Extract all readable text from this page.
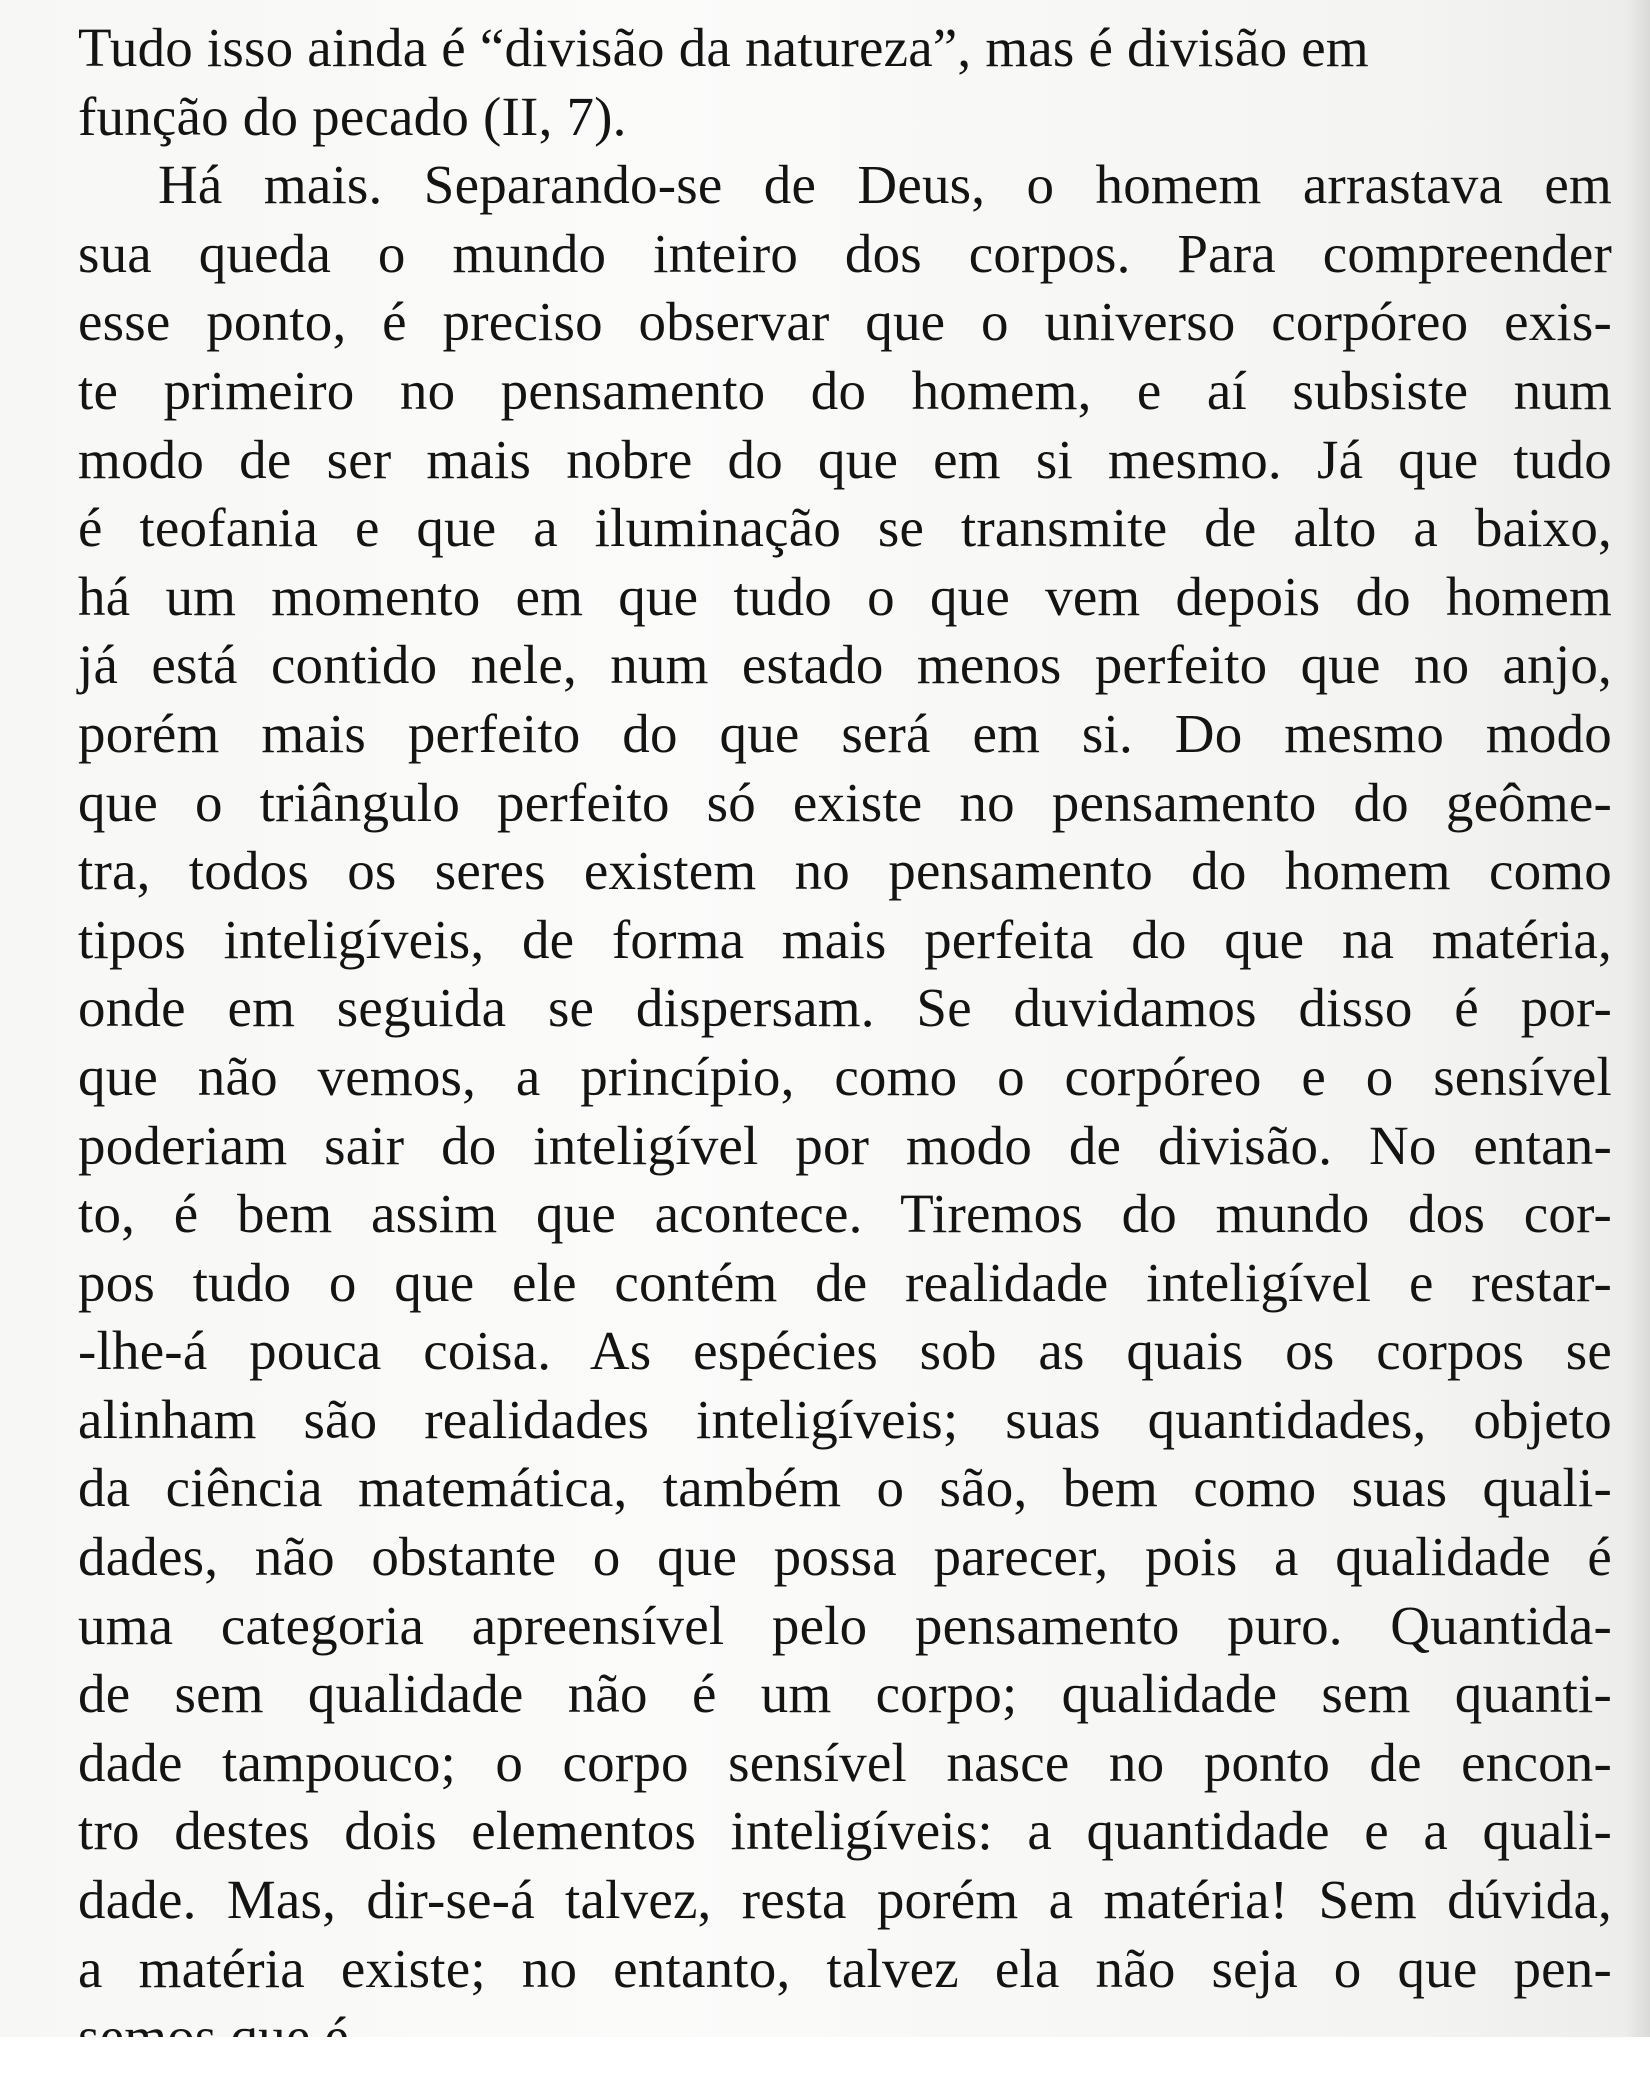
Tudo isso ainda é “divisão da natureza”, mas é divisão em
função do pecado (II, 7).
Há mais. Separando-se de Deus, o homem arrastava em
sua queda o mundo inteiro dos corpos. Para compreender
esse ponto, é preciso observar que o universo corpóreo exis-
te primeiro no pensamento do homem, e aí subsiste num
modo de ser mais nobre do que em si mesmo. Já que tudo
é teofania e que a iluminação se transmite de alto a baixo,
há um momento em que tudo o que vem depois do homem
já está contido nele, num estado menos perfeito que no anjo,
porém mais perfeito do que será em si. Do mesmo modo
que o triângulo perfeito só existe no pensamento do geôme-
tra, todos os seres existem no pensamento do homem como
tipos inteligíveis, de forma mais perfeita do que na matéria,
onde em seguida se dispersam. Se duvidamos disso é por-
que não vemos, a princípio, como o corpóreo e o sensível
poderiam sair do inteligível por modo de divisão. No entan-
to, é bem assim que acontece. Tiremos do mundo dos cor-
pos tudo o que ele contém de realidade inteligível e restar-
-lhe-á pouca coisa. As espécies sob as quais os corpos se
alinham são realidades inteligíveis; suas quantidades, objeto
da ciência matemática, também o são, bem como suas quali-
dades, não obstante o que possa parecer, pois a qualidade é
uma categoria apreensível pelo pensamento puro. Quantida-
de sem qualidade não é um corpo; qualidade sem quanti-
dade tampouco; o corpo sensível nasce no ponto de encon-
tro destes dois elementos inteligíveis: a quantidade e a quali-
dade. Mas, dir-se-á talvez, resta porém a matéria! Sem dúvida,
a matéria existe; no entanto, talvez ela não seja o que pen-
